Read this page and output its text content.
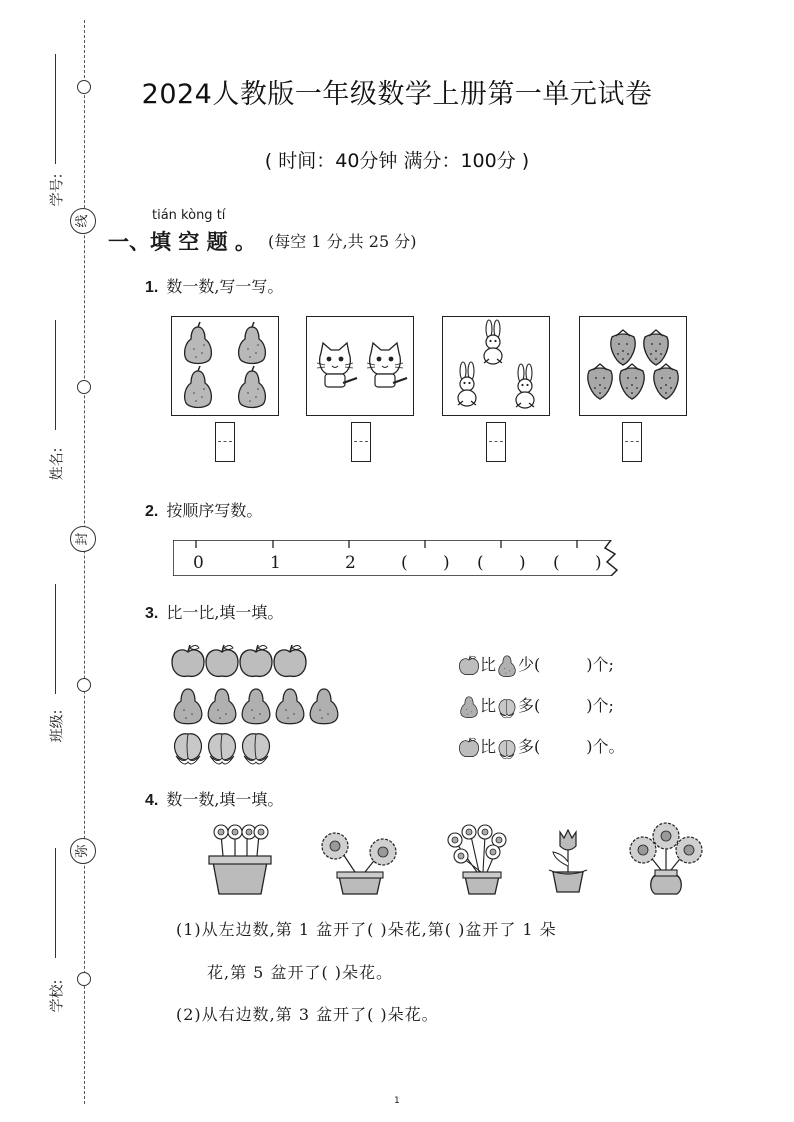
线
封
弥
学号:
姓名:
班级:
学校:
2024人教版一年级数学上册第一单元试卷
( 时间：40分钟 满分：100分 )
tián kòng tí
一、填 空 题 。 (每空 1 分,共 25 分)
1. 数一数,写一写。
2. 按顺序写数。
0	1	2	( ) ( ) ( )
3. 比一比,填一填。
比 少(	)个;
比 多(	)个;
比 多(	)个。
4. 数一数,填一填。
(1)从左边数,第 1 盆开了( )朵花,第( )盆开了 1 朵
花,第 5 盆开了( )朵花。
(2)从右边数,第 3 盆开了( )朵花。
1
